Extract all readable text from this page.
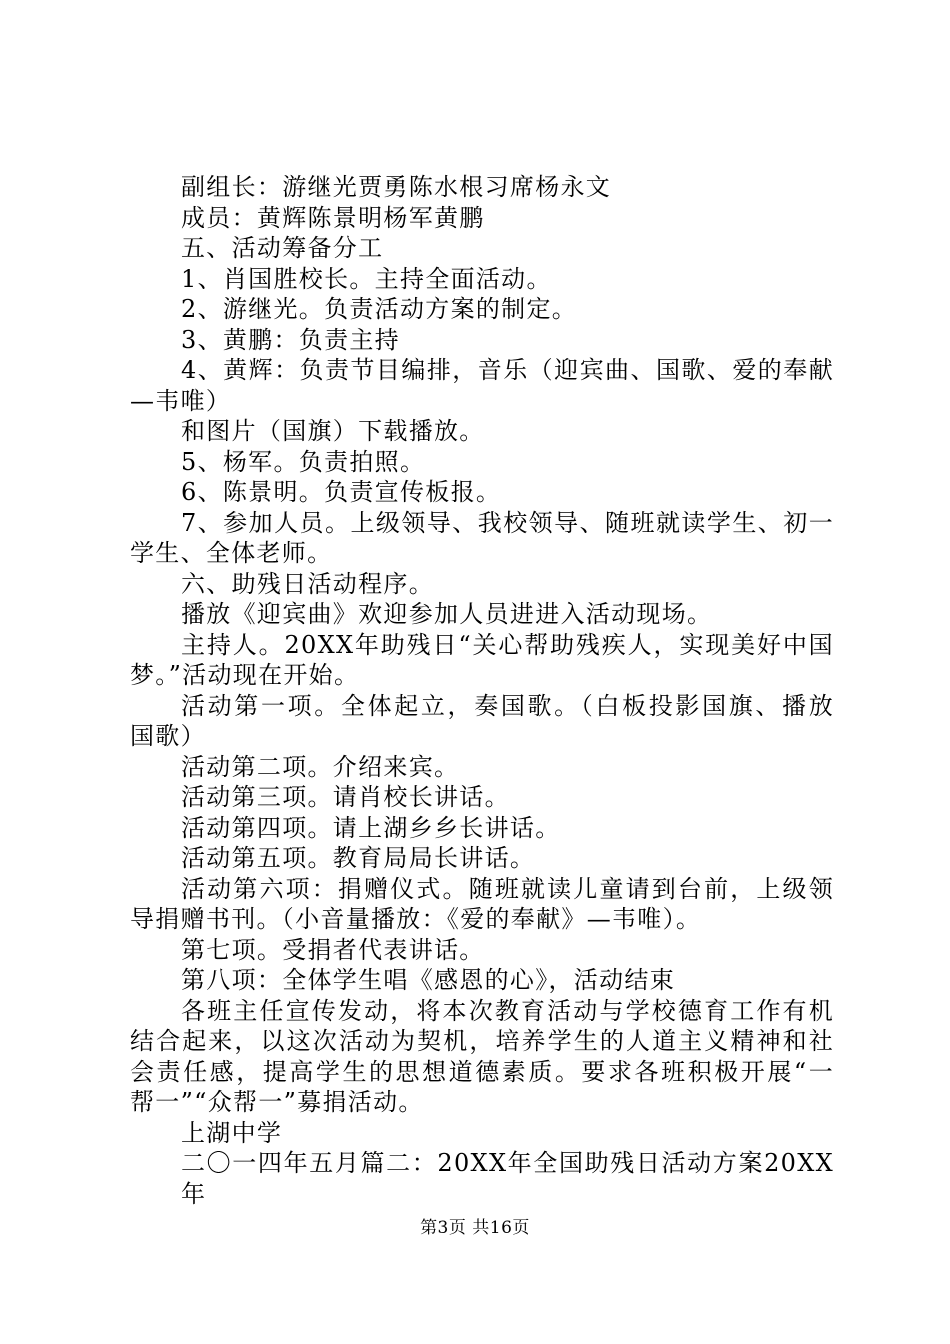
副组长：游继光贾勇陈水根习席杨永文
成员：黄辉陈景明杨军黄鹏
五、活动筹备分工
1、肖国胜校长。主持全面活动。
2、游继光。负责活动方案的制定。
3、黄鹏：负责主持
4、黄辉：负责节目编排，音乐（迎宾曲、国歌、爱的奉献
—韦唯）
和图片（国旗）下载播放。
5、杨军。负责拍照。
6、陈景明。负责宣传板报。
7、参加人员。上级领导、我校领导、随班就读学生、初一
学生、全体老师。
六、助残日活动程序。
播放《迎宾曲》欢迎参加人员进进入活动现场。
主持人。20XX年助残日“关心帮助残疾人，实现美好中国
梦。”活动现在开始。
活动第一项。全体起立，奏国歌。（白板投影国旗、播放
国歌）
活动第二项。介绍来宾。
活动第三项。请肖校长讲话。
活动第四项。请上湖乡乡长讲话。
活动第五项。教育局局长讲话。
活动第六项：捐赠仪式。随班就读儿童请到台前，上级领
导捐赠书刊。（小音量播放：《爱的奉献》—韦唯）。
第七项。受捐者代表讲话。
第八项：全体学生唱《感恩的心》，活动结束
各班主任宣传发动，将本次教育活动与学校德育工作有机
结合起来，以这次活动为契机，培养学生的人道主义精神和社
会责任感，提高学生的思想道德素质。要求各班积极开展“一
帮一”“众帮一”募捐活动。
上湖中学
二〇一四年五月篇二：20XX年全国助残日活动方案20XX年
第3页 共16页
